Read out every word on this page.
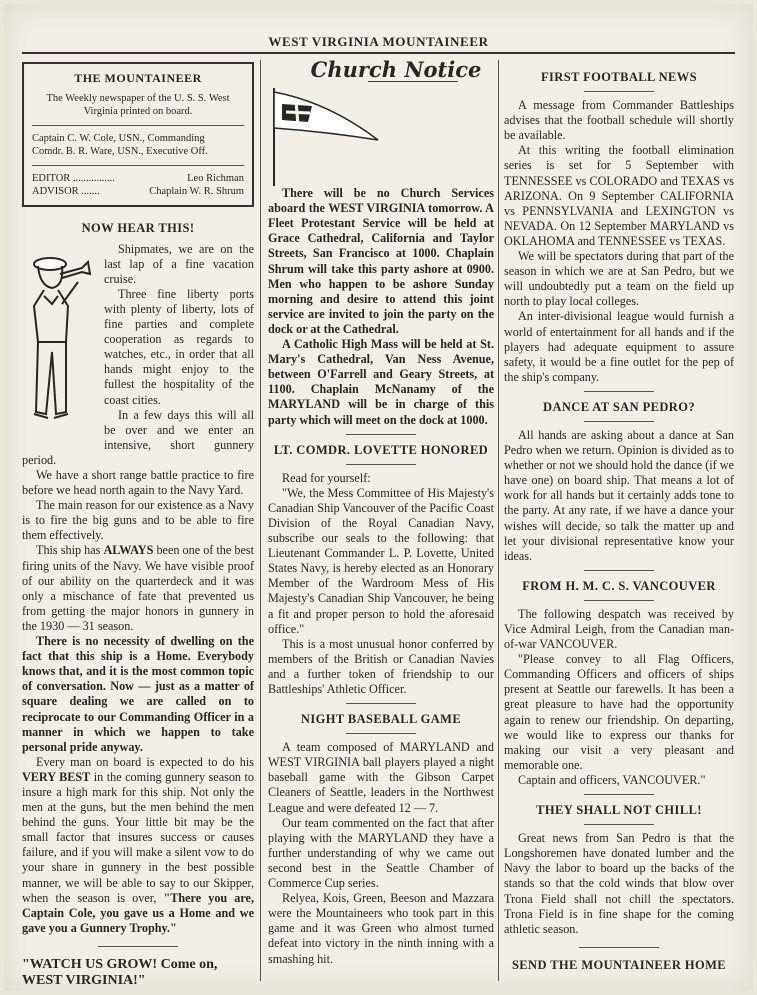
WEST VIRGINIA MOUNTAINEER
THE MOUNTAINEER
The Weekly newspaper of the U. S. S. West Virginia printed on board.
Captain C. W. Cole, USN., Commanding
Comdr. B. R. Ware, USN., Executive Off.
EDITOR ................	Leo Richman
ADVISOR .......	Chaplain W. R. Shrum
NOW HEAR THIS!

Shipmates, we are on the last lap of a fine vacation cruise.

Three fine liberty ports with plenty of liberty, lots of fine parties and complete cooperation as regards to watches, etc., in order that all hands might enjoy to the fullest the hospitality of the coast cities.

In a few days this will all be over and we enter an intensive, short gunnery period.

We have a short range battle practice to fire before we head north again to the Navy Yard.

The main reason for our existence as a Navy is to fire the big guns and to be able to fire them effectively.

This ship has ALWAYS been one of the best firing units of the Navy. We have visible proof of our ability on the quarterdeck and it was only a mischance of fate that prevented us from getting the major honors in gunnery in the 1930 — 31 season.

There is no necessity of dwelling on the fact that this ship is a Home. Everybody knows that, and it is the most common topic of conversation. Now — just as a matter of square dealing we are called on to reciprocate to our Commanding Officer in a manner in which we happen to take personal pride anyway.

Every man on board is expected to do his VERY BEST in the coming gunnery season to insure a high mark for this ship. Not only the men at the guns, but the men behind the men behind the guns. Your little bit may be the small factor that insures success or causes failure, and if you will make a silent vow to do your share in gunnery in the best possible manner, we will be able to say to our Skipper, when the season is over, "There you are, Captain Cole, you gave us a Home and we gave you a Gunnery Trophy."

"WATCH US GROW! Come on, WEST VIRGINIA!"
Church Notice

There will be no Church Services aboard the WEST VIRGINIA tomorrow. A Fleet Protestant Service will be held at Grace Cathedral, California and Taylor Streets, San Francisco at 1000. Chaplain Shrum will take this party ashore at 0900. Men who happen to be ashore Sunday morning and desire to attend this joint service are invited to join the party on the dock or at the Cathedral.

A Catholic High Mass will be held at St. Mary's Cathedral, Van Ness Avenue, between O'Farrell and Geary Streets, at 1100. Chaplain McNanamy of the MARYLAND will be in charge of this party which will meet on the dock at 1000.

LT. COMDR. LOVETTE HONORED

Read for yourself:

"We, the Mess Committee of His Majesty's Canadian Ship Vancouver of the Pacific Coast Division of the Royal Canadian Navy, subscribe our seals to the following: that Lieutenant Commander L. P. Lovette, United States Navy, is hereby elected as an Honorary Member of the Wardroom Mess of His Majesty's Canadian Ship Vancouver, he being a fit and proper person to hold the aforesaid office."

This is a most unusual honor conferred by members of the British or Canadian Navies and a further token of friendship to our Battleships' Athletic Officer.

NIGHT BASEBALL GAME

A team composed of MARYLAND and WEST VIRGINIA ball players played a night baseball game with the Gibson Carpet Cleaners of Seattle, leaders in the Northwest League and were defeated 12 — 7.

Our team commented on the fact that after playing with the MARYLAND they have a further understanding of why we came out second best in the Seattle Chamber of Commerce Cup series.

Relyea, Kois, Green, Beeson and Mazzara were the Mountaineers who took part in this game and it was Green who almost turned defeat into victory in the ninth inning with a smashing hit.

FIRST FOOTBALL NEWS

A message from Commander Battleships advises that the football schedule will shortly be available.

At this writing the football elimination series is set for 5 September with TENNESSEE vs COLORADO and TEXAS vs ARIZONA. On 9 September CALIFORNIA vs PENNSYLVANIA and LEXINGTON vs NEVADA. On 12 September MARYLAND vs OKLAHOMA and TENNESSEE vs TEXAS.

We will be spectators during that part of the season in which we are at San Pedro, but we will undoubtedly put a team on the field up north to play local colleges.

An inter-divisional league would furnish a world of entertainment for all hands and if the players had adequate equipment to assure safety, it would be a fine outlet for the pep of the ship's company.

DANCE AT SAN PEDRO?

All hands are asking about a dance at San Pedro when we return. Opinion is divided as to whether or not we should hold the dance (if we have one) on board ship. That means a lot of work for all hands but it certainly adds tone to the party. At any rate, if we have a dance your wishes will decide, so talk the matter up and let your divisional representative know your ideas.

FROM H. M. C. S. VANCOUVER

The following despatch was received by Vice Admiral Leigh, from the Canadian man-of-war VANCOUVER.

"Please convey to all Flag Officers, Commanding Officers and officers of ships present at Seattle our farewells. It has been a great pleasure to have had the opportunity again to renew our friendship. On departing, we would like to express our thanks for making our visit a very pleasant and memorable one.

Captain and officers, VANCOUVER."

THEY SHALL NOT CHILL!

Great news from San Pedro is that the Longshoremen have donated lumber and the Navy the labor to board up the backs of the stands so that the cold winds that blow over Trona Field shall not chill the spectators. Trona Field is in fine shape for the coming athletic season.

SEND THE MOUNTAINEER HOME
